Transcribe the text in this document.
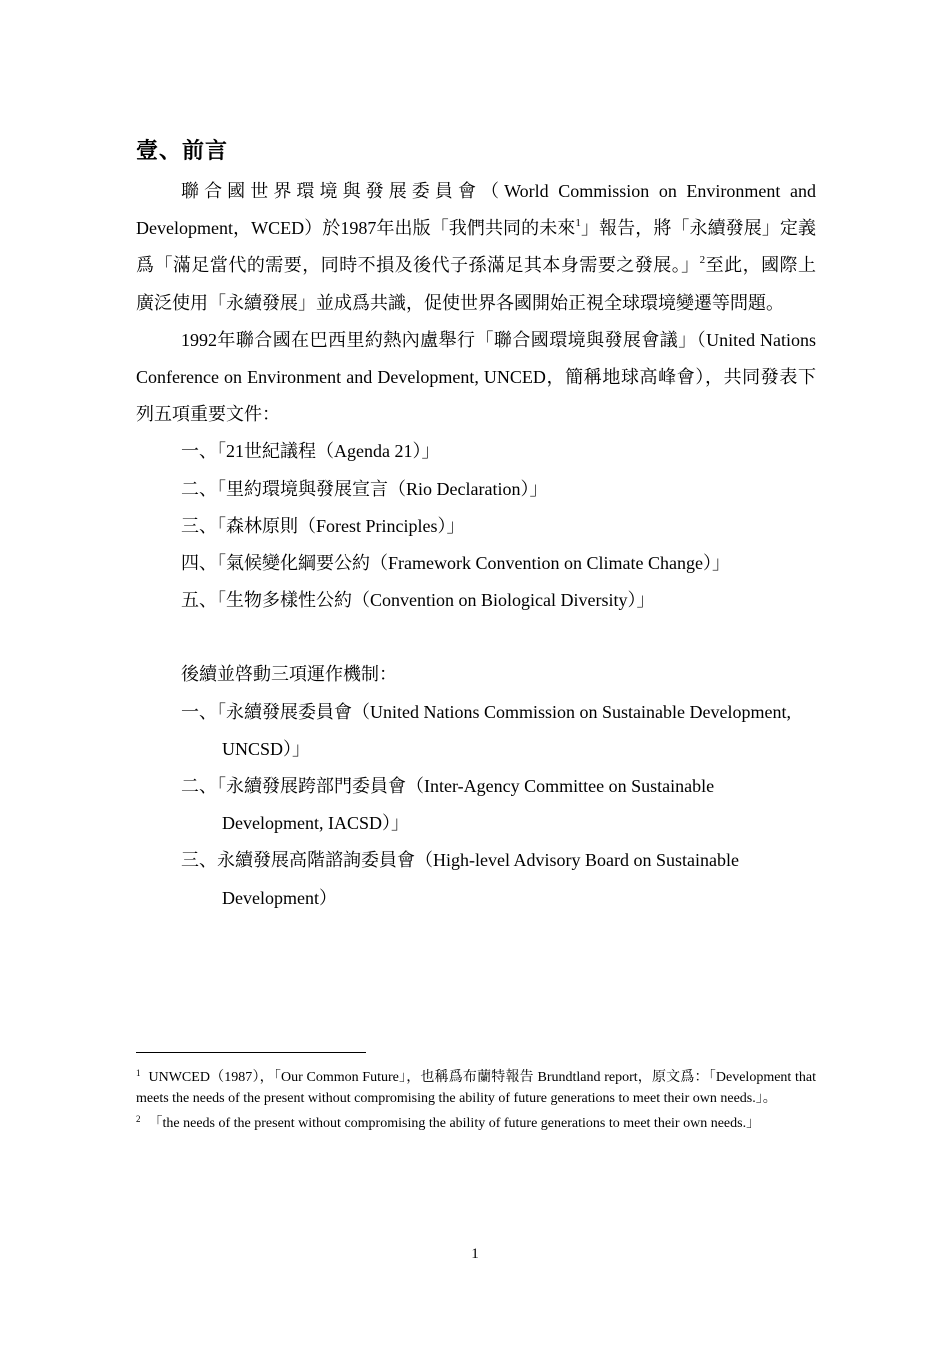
壹、前言

聯合國世界環境與發展委員會（World Commission on Environment and Development，WCED）於1987年出版「我們共同的未來$^1$」報告，將「永續發展」定義爲「滿足當代的需要，同時不損及後代子孫滿足其本身需要之發展。」$^2$至此，國際上廣泛使用「永續發展」並成爲共識，促使世界各國開始正視全球環境變遷等問題。

1992年聯合國在巴西里約熱內盧舉行「聯合國環境與發展會議」（United Nations Conference on Environment and Development, UNCED，簡稱地球高峰會），共同發表下列五項重要文件：

一、「21世紀議程（Agenda 21）」
二、「里約環境與發展宣言（Rio Declaration）」
三、「森林原則（Forest Principles）」
四、「氣候變化綱要公約（Framework Convention on Climate Change）」
五、「生物多樣性公約（Convention on Biological Diversity）」

後續並啓動三項運作機制：

一、「永續發展委員會（United Nations Commission on Sustainable Development, UNCSD）」
二、「永續發展跨部門委員會（Inter-Agency Committee on Sustainable Development, IACSD）」
三、永續發展高階諮詢委員會（High-level Advisory Board on Sustainable Development）

$^1$ UNWCED（1987），「Our Common Future」，也稱爲布蘭特報告 Brundtland report，原文爲：「Development that meets the needs of the present without compromising the ability of future generations to meet their own needs.」。

$^2$ 「the needs of the present without compromising the ability of future generations to meet their own needs.」

1
